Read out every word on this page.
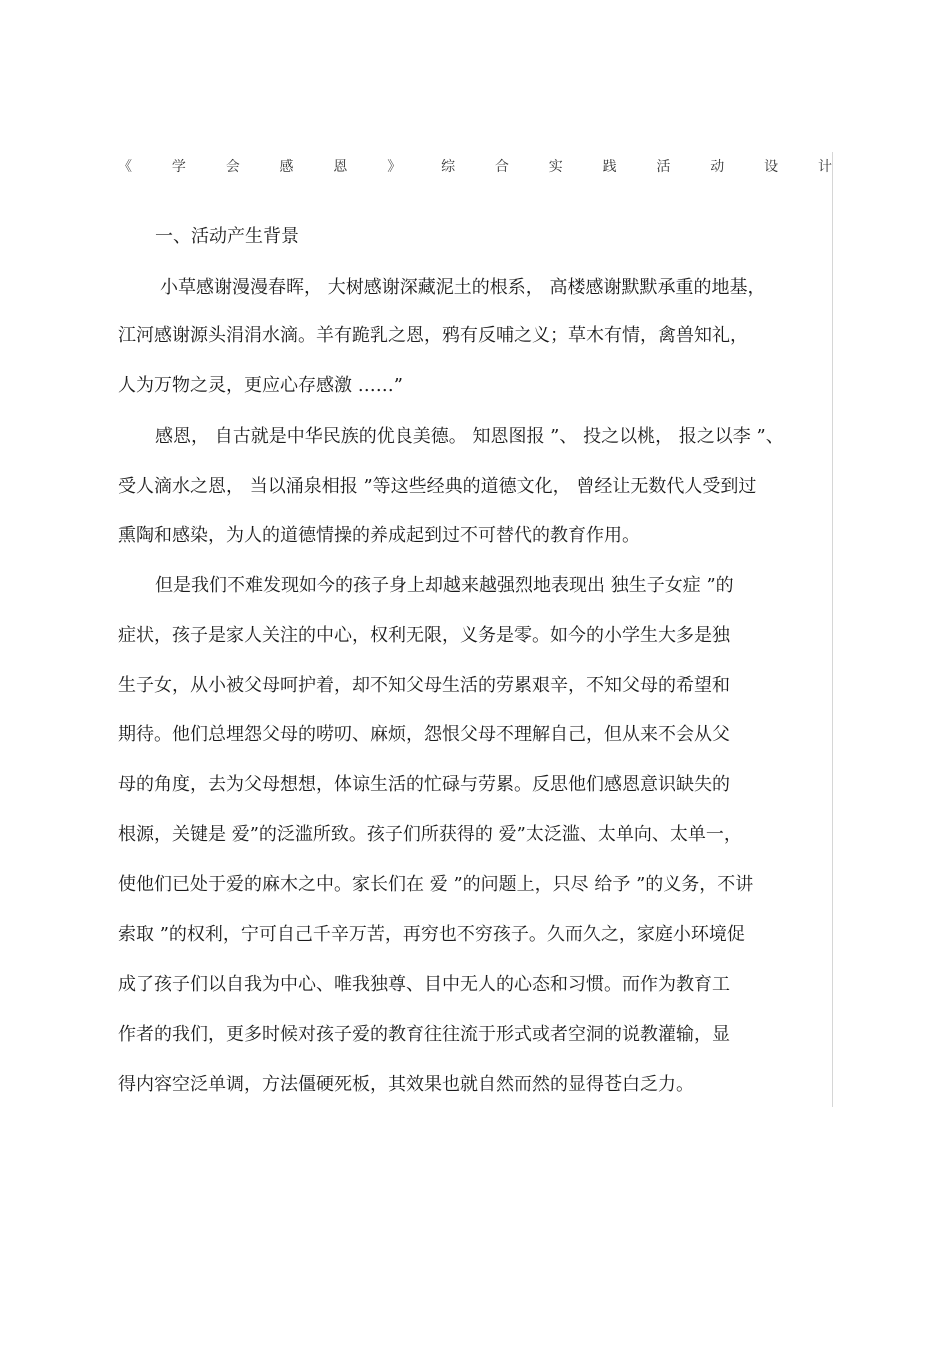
《	学	会	感	恩	》	综	合	实	践	活	动	设	计
一、活动产生背景
小草感谢漫漫春晖， 大树感谢深藏泥土的根系， 高楼感谢默默承重的地基，
江河感谢源头涓涓水滴。羊有跪乳之恩，鸦有反哺之义；草木有情，禽兽知礼，
人为万物之灵，更应心存感激 ……”
感恩， 自古就是中华民族的优良美德。 知恩图报 ”、 投之以桃， 报之以李 ”、
受人滴水之恩， 当以涌泉相报 ”等这些经典的道德文化， 曾经让无数代人受到过
熏陶和感染，为人的道德情操的养成起到过不可替代的教育作用。
但是我们不难发现如今的孩子身上却越来越强烈地表现出 独生子女症 ”的
症状，孩子是家人关注的中心，权利无限，义务是零。如今的小学生大多是独
生子女，从小被父母呵护着，却不知父母生活的劳累艰辛，不知父母的希望和
期待。他们总埋怨父母的唠叨、麻烦，怨恨父母不理解自己，但从来不会从父
母的角度，去为父母想想，体谅生活的忙碌与劳累。反思他们感恩意识缺失的
根源，关键是 爱”的泛滥所致。孩子们所获得的 爱”太泛滥、太单向、太单一，
使他们已处于爱的麻木之中。家长们在 爱 ”的问题上，只尽 给予 ”的义务，不讲
索取 ”的权利，宁可自己千辛万苦，再穷也不穷孩子。久而久之，家庭小环境促
成了孩子们以自我为中心、唯我独尊、目中无人的心态和习惯。而作为教育工
作者的我们，更多时候对孩子爱的教育往往流于形式或者空洞的说教灌输，显
得内容空泛单调，方法僵硬死板，其效果也就自然而然的显得苍白乏力。
